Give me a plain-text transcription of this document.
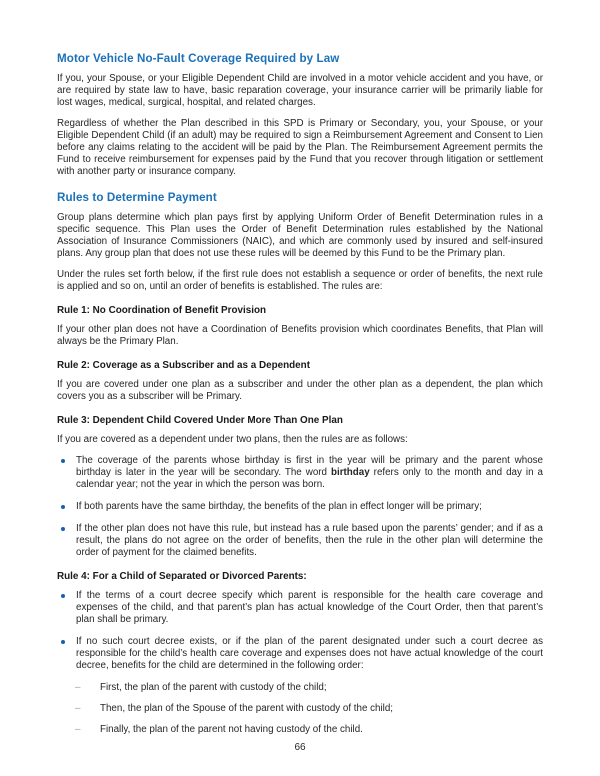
Motor Vehicle No-Fault Coverage Required by Law

If you, your Spouse, or your Eligible Dependent Child are involved in a motor vehicle accident and you have, or are required by state law to have, basic reparation coverage, your insurance carrier will be primarily liable for lost wages, medical, surgical, hospital, and related charges.

Regardless of whether the Plan described in this SPD is Primary or Secondary, you, your Spouse, or your Eligible Dependent Child (if an adult) may be required to sign a Reimbursement Agreement and Consent to Lien before any claims relating to the accident will be paid by the Plan. The Reimbursement Agreement permits the Fund to receive reimbursement for expenses paid by the Fund that you recover through litigation or settlement with another party or insurance company.

Rules to Determine Payment

Group plans determine which plan pays first by applying Uniform Order of Benefit Determination rules in a specific sequence. This Plan uses the Order of Benefit Determination rules established by the National Association of Insurance Commissioners (NAIC), and which are commonly used by insured and self-insured plans. Any group plan that does not use these rules will be deemed by this Fund to be the Primary plan.

Under the rules set forth below, if the first rule does not establish a sequence or order of benefits, the next rule is applied and so on, until an order of benefits is established. The rules are:

Rule 1: No Coordination of Benefit Provision

If your other plan does not have a Coordination of Benefits provision which coordinates Benefits, that Plan will always be the Primary Plan.

Rule 2: Coverage as a Subscriber and as a Dependent

If you are covered under one plan as a subscriber and under the other plan as a dependent, the plan which covers you as a subscriber will be Primary.

Rule 3: Dependent Child Covered Under More Than One Plan

If you are covered as a dependent under two plans, then the rules are as follows:

The coverage of the parents whose birthday is first in the year will be primary and the parent whose birthday is later in the year will be secondary. The word birthday refers only to the month and day in a calendar year; not the year in which the person was born.

If both parents have the same birthday, the benefits of the plan in effect longer will be primary;

If the other plan does not have this rule, but instead has a rule based upon the parents’ gender; and if as a result, the plans do not agree on the order of benefits, then the rule in the other plan will determine the order of payment for the claimed benefits.

Rule 4: For a Child of Separated or Divorced Parents:

If the terms of a court decree specify which parent is responsible for the health care coverage and expenses of the child, and that parent’s plan has actual knowledge of the Court Order, then that parent’s plan shall be primary.

If no such court decree exists, or if the plan of the parent designated under such a court decree as responsible for the child’s health care coverage and expenses does not have actual knowledge of the court decree, benefits for the child are determined in the following order:

– First, the plan of the parent with custody of the child;

– Then, the plan of the Spouse of the parent with custody of the child;

– Finally, the plan of the parent not having custody of the child.

66
